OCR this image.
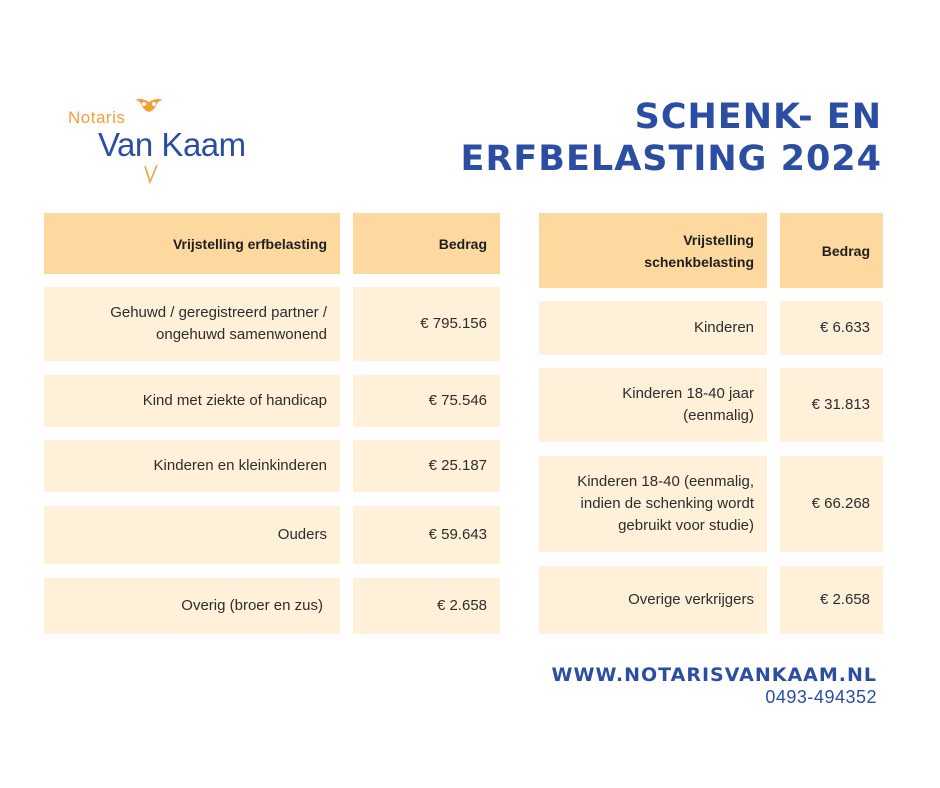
Notaris
Van Kaam
SCHENK- EN
ERFBELASTING 2024
Vrijstelling erfbelasting	Bedrag
Gehuwd / geregistreerd partner /
ongehuwd samenwonend
€ 795.156
Kind met ziekte of handicap	€ 75.546
Kinderen en kleinkinderen	€ 25.187
Ouders	€ 59.643
Overig (broer en zus)	€ 2.658
Vrijstelling
schenkbelasting
Bedrag
Kinderen	€ 6.633
Kinderen 18-40 jaar
(eenmalig)
€ 31.813
Kinderen 18-40 (eenmalig,
indien de schenking wordt
gebruikt voor studie)
€ 66.268
Overige verkrijgers	€ 2.658
WWW.NOTARISVANKAAM.NL
0493-494352
